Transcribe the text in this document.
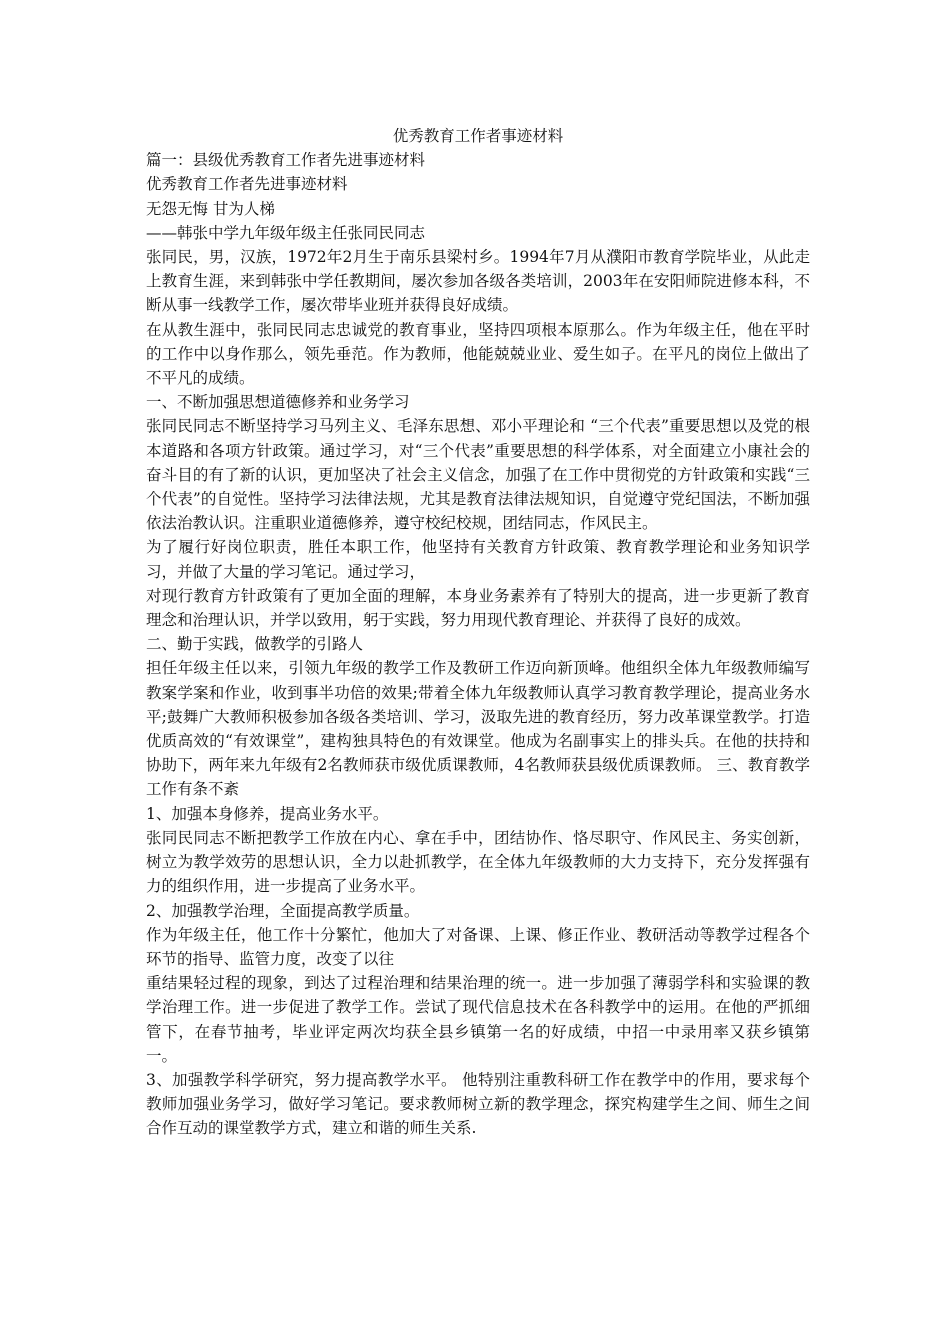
优秀教育工作者事迹材料

篇一：县级优秀教育工作者先进事迹材料

优秀教育工作者先进事迹材料

无怨无悔 甘为人梯

——韩张中学九年级年级主任张同民同志

张同民，男，汉族，1972年2月生于南乐县梁村乡。1994年7月从濮阳市教育学院毕业，从此走上教育生涯，来到韩张中学任教期间，屡次参加各级各类培训，2003年在安阳师院进修本科，不断从事一线教学工作，屡次带毕业班并获得良好成绩。

在从教生涯中，张同民同志忠诚党的教育事业，坚持四项根本原那么。作为年级主任，他在平时的工作中以身作那么，领先垂范。作为教师，他能兢兢业业、爱生如子。在平凡的岗位上做出了不平凡的成绩。

一、不断加强思想道德修养和业务学习

张同民同志不断坚持学习马列主义、毛泽东思想、邓小平理论和 “三个代表”重要思想以及党的根本道路和各项方针政策。通过学习，对“三个代表”重要思想的科学体系，对全面建立小康社会的奋斗目的有了新的认识，更加坚决了社会主义信念，加强了在工作中贯彻党的方针政策和实践“三个代表”的自觉性。坚持学习法律法规，尤其是教育法律法规知识，自觉遵守党纪国法，不断加强依法治教认识。注重职业道德修养，遵守校纪校规，团结同志，作风民主。

为了履行好岗位职责，胜任本职工作，他坚持有关教育方针政策、教育教学理论和业务知识学习，并做了大量的学习笔记。通过学习，

对现行教育方针政策有了更加全面的理解，本身业务素养有了特别大的提高，进一步更新了教育理念和治理认识，并学以致用，躬于实践，努力用现代教育理论、并获得了良好的成效。

二、勤于实践，做教学的引路人

担任年级主任以来，引领九年级的教学工作及教研工作迈向新顶峰。他组织全体九年级教师编写教案学案和作业，收到事半功倍的效果;带着全体九年级教师认真学习教育教学理论，提高业务水平;鼓舞广大教师积极参加各级各类培训、学习，汲取先进的教育经历，努力改革课堂教学。打造优质高效的“有效课堂”，建构独具特色的有效课堂。他成为名副事实上的排头兵。在他的扶持和协助下，两年来九年级有2名教师获市级优质课教师，4名教师获县级优质课教师。 三、教育教学工作有条不紊

1、加强本身修养，提高业务水平。

张同民同志不断把教学工作放在内心、拿在手中，团结协作、恪尽职守、作风民主、务实创新，树立为教学效劳的思想认识，全力以赴抓教学，在全体九年级教师的大力支持下，充分发挥强有力的组织作用，进一步提高了业务水平。

2、加强教学治理，全面提高教学质量。

作为年级主任，他工作十分繁忙，他加大了对备课、上课、修正作业、教研活动等教学过程各个环节的指导、监管力度，改变了以往

重结果轻过程的现象，到达了过程治理和结果治理的统一。进一步加强了薄弱学科和实验课的教学治理工作。进一步促进了教学工作。尝试了现代信息技术在各科教学中的运用。在他的严抓细管下，在春节抽考，毕业评定两次均获全县乡镇第一名的好成绩，中招一中录用率又获乡镇第一。

3、加强教学科学研究，努力提高教学水平。 他特别注重教科研工作在教学中的作用，要求每个教师加强业务学习，做好学习笔记。要求教师树立新的教学理念，探究构建学生之间、师生之间合作互动的课堂教学方式，建立和谐的师生关系.
